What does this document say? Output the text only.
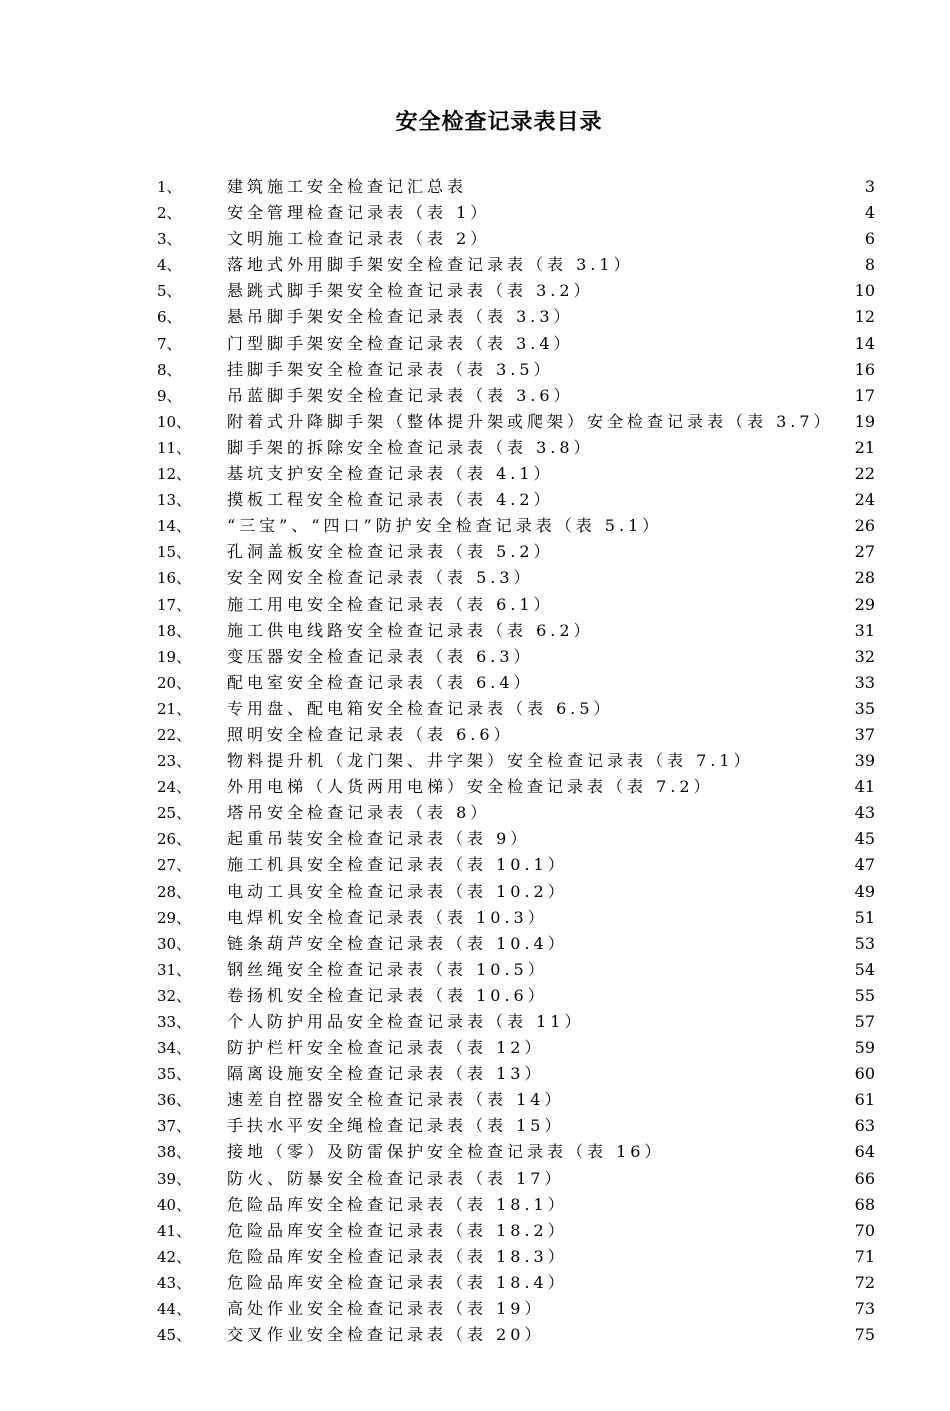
安全检查记录表目录
1、	建筑施工安全检查记汇总表	3
2、	安全管理检查记录表（表 1）	4
3、	文明施工检查记录表（表 2）	6
4、	落地式外用脚手架安全检查记录表（表 3.1）	8
5、	悬跳式脚手架安全检查记录表（表 3.2）	10
6、	悬吊脚手架安全检查记录表（表 3.3）	12
7、	门型脚手架安全检查记录表（表 3.4）	14
8、	挂脚手架安全检查记录表（表 3.5）	16
9、	吊蓝脚手架安全检查记录表（表 3.6）	17
10、 附着式升降脚手架（整体提升架或爬架）安全检查记录表（表 3.7） 19
11、 脚手架的拆除安全检查记录表（表 3.8）	21
12、 基坑支护安全检查记录表（表 4.1）	22
13、 摸板工程安全检查记录表（表 4.2）	24
14、 “三宝”、“四口”防护安全检查记录表（表 5.1）	26
15、 孔洞盖板安全检查记录表（表 5.2）	27
16、 安全网安全检查记录表（表 5.3）	28
17、 施工用电安全检查记录表（表 6.1）	29
18、 施工供电线路安全检查记录表（表 6.2）	31
19、 变压器安全检查记录表（表 6.3）	32
20、 配电室安全检查记录表（表 6.4）	33
21、 专用盘、配电箱安全检查记录表（表 6.5）	35
22、 照明安全检查记录表（表 6.6）	37
23、 物料提升机（龙门架、井字架）安全检查记录表（表 7.1）	39
24、 外用电梯（人货两用电梯）安全检查记录表（表 7.2）	41
25、 塔吊安全检查记录表（表 8）	43
26、 起重吊装安全检查记录表（表 9）	45
27、 施工机具安全检查记录表（表 10.1）	47
28、 电动工具安全检查记录表（表 10.2）	49
29、 电焊机安全检查记录表（表 10.3）	51
30、 链条葫芦安全检查记录表（表 10.4）	53
31、 钢丝绳安全检查记录表（表 10.5）	54
32、 卷扬机安全检查记录表（表 10.6）	55
33、 个人防护用品安全检查记录表（表 11）	57
34、 防护栏杆安全检查记录表（表 12）	59
35、 隔离设施安全检查记录表（表 13）	60
36、 速差自控器安全检查记录表（表 14）	61
37、 手扶水平安全绳检查记录表（表 15）	63
38、 接地（零）及防雷保护安全检查记录表（表 16）	64
39、 防火、防暴安全检查记录表（表 17）	66
40、 危险品库安全检查记录表（表 18.1）	68
41、 危险品库安全检查记录表（表 18.2）	70
42、 危险品库安全检查记录表（表 18.3）	71
43、 危险品库安全检查记录表（表 18.4）	72
44、 高处作业安全检查记录表（表 19）	73
45、 交叉作业安全检查记录表（表 20）	75
